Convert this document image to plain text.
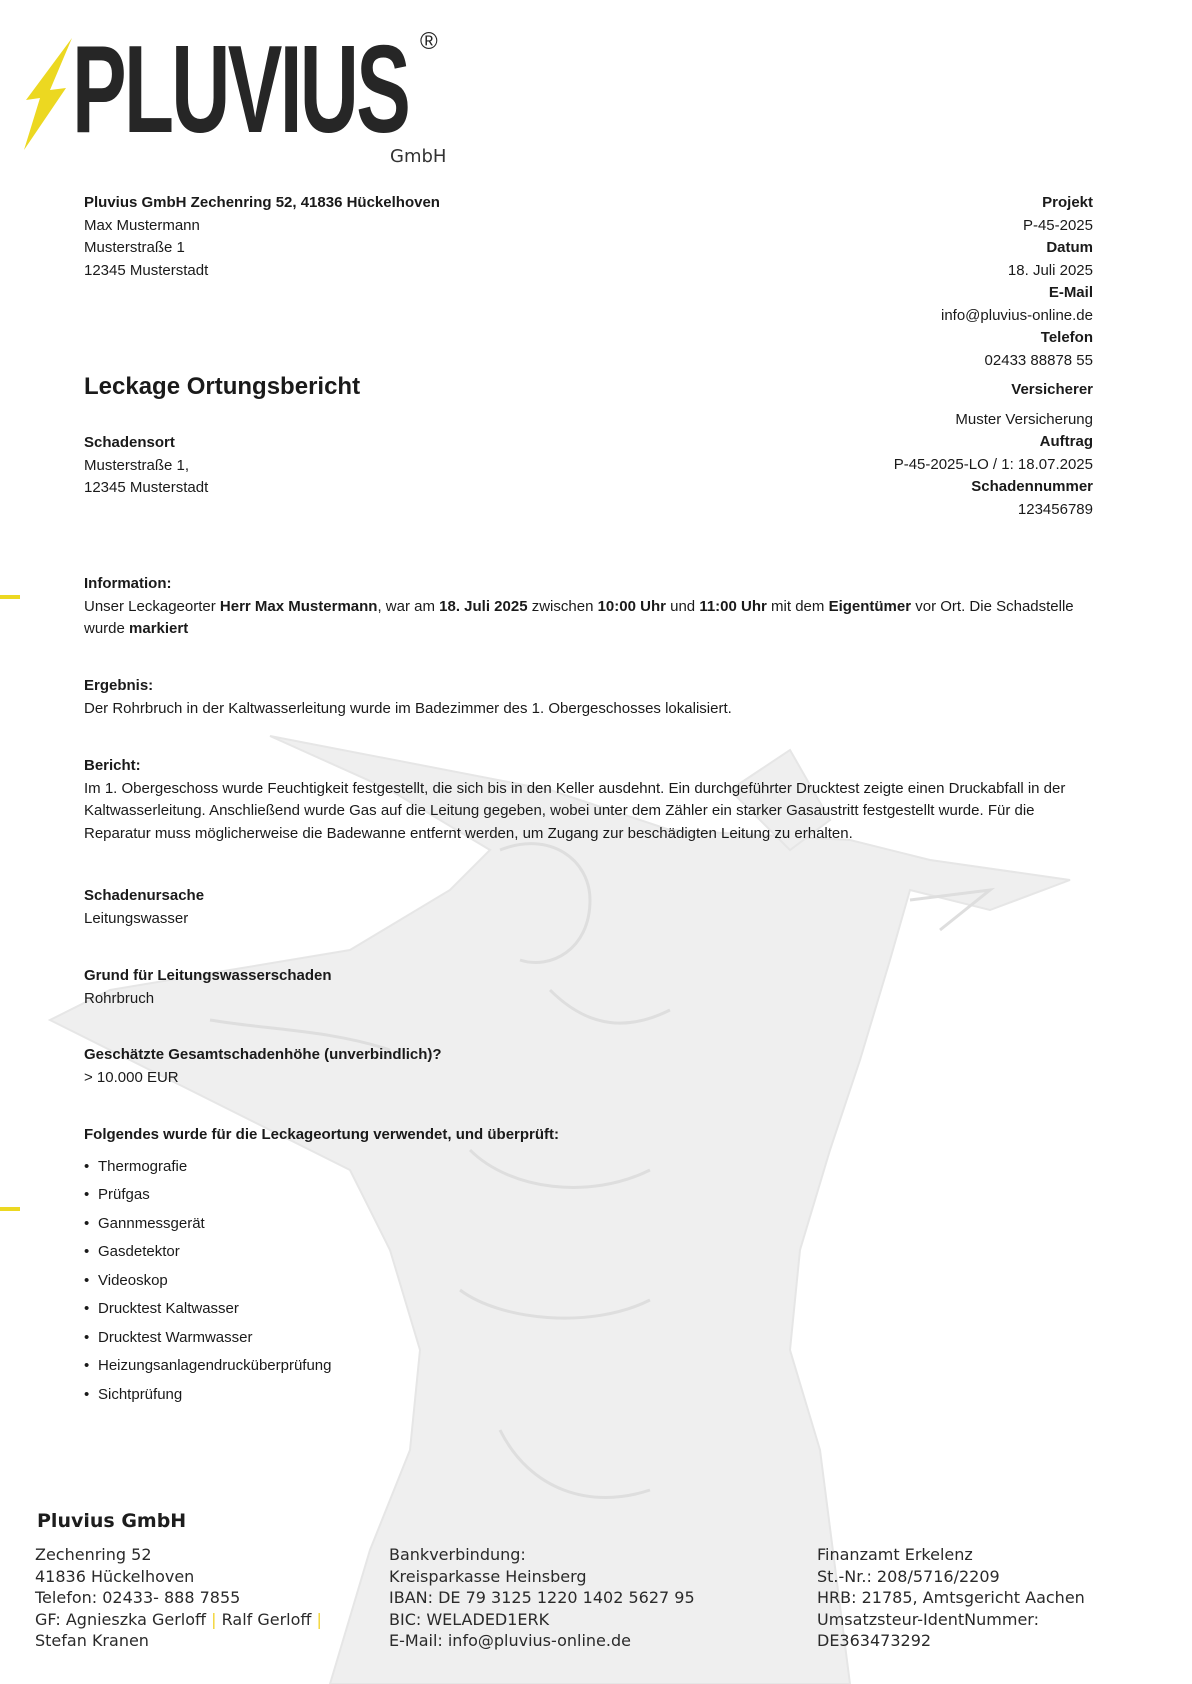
PLUVIUS ®
GmbH
Pluvius GmbH Zechenring 52, 41836 Hückelhoven
Max Mustermann
Musterstraße 1
12345 Musterstadt
Projekt
P-45-2025
Datum
18. Juli 2025
E-Mail
info@pluvius-online.de
Telefon
02433 88878 55
Versicherer
Muster Versicherung
Auftrag
P-45-2025-LO / 1: 18.07.2025
Schadennummer
123456789
Leckage Ortungsbericht
Schadensort
Musterstraße 1,
12345 Musterstadt
Information:
Unser Leckageorter Herr Max Mustermann, war am 18. Juli 2025 zwischen 10:00 Uhr und 11:00 Uhr mit dem Eigentümer vor Ort. Die Schadstelle wurde markiert
Ergebnis:
Der Rohrbruch in der Kaltwasserleitung wurde im Badezimmer des 1. Obergeschosses lokalisiert.
Bericht:
Im 1. Obergeschoss wurde Feuchtigkeit festgestellt, die sich bis in den Keller ausdehnt. Ein durchgeführter Drucktest zeigte einen Druckabfall in der Kaltwasserleitung. Anschließend wurde Gas auf die Leitung gegeben, wobei unter dem Zähler ein starker Gasaustritt festgestellt wurde. Für die Reparatur muss möglicherweise die Badewanne entfernt werden, um Zugang zur beschädigten Leitung zu erhalten.
Schadenursache
Leitungswasser
Grund für Leitungswasserschaden
Rohrbruch
Geschätzte Gesamtschadenhöhe (unverbindlich)?
> 10.000 EUR
Folgendes wurde für die Leckageortung verwendet, und überprüft:
• Thermografie
• Prüfgas
• Gannmessgerät
• Gasdetektor
• Videoskop
• Drucktest Kaltwasser
• Drucktest Warmwasser
• Heizungsanlagendrucküberprüfung
• Sichtprüfung
Pluvius GmbH
Zechenring 52
41836 Hückelhoven
Telefon: 02433- 888 7855
GF: Agnieszka Gerloff | Ralf Gerloff |
Stefan Kranen
Bankverbindung:
Kreisparkasse Heinsberg
IBAN: DE 79 3125 1220 1402 5627 95
BIC: WELADED1ERK
E-Mail: info@pluvius-online.de
Finanzamt Erkelenz
St.-Nr.: 208/5716/2209
HRB: 21785, Amtsgericht Aachen
Umsatzsteur-IdentNummer:
DE363473292
